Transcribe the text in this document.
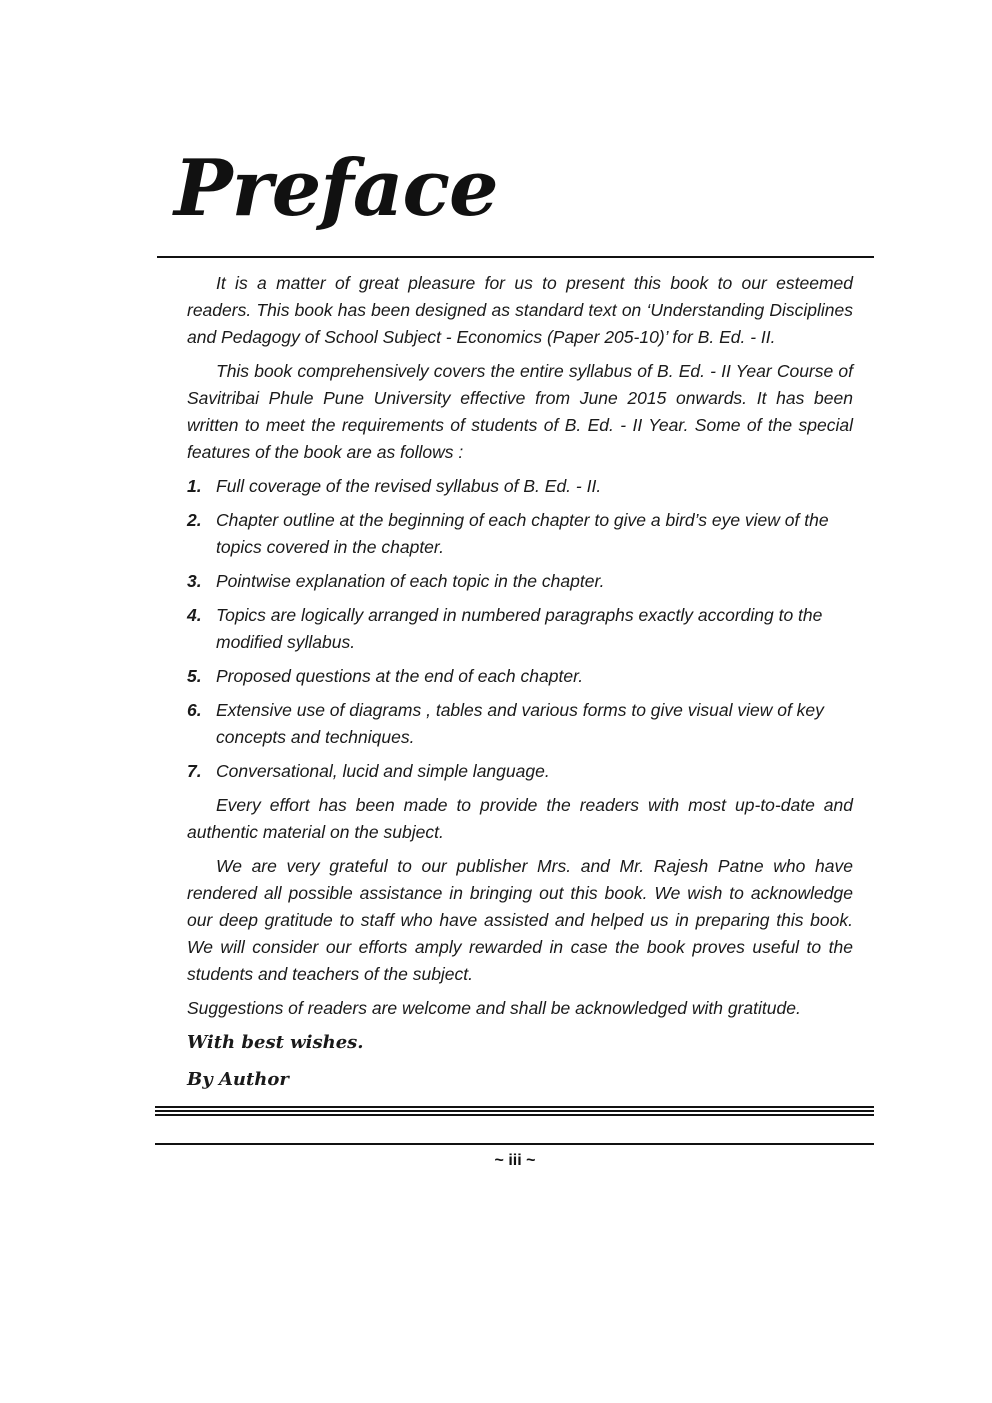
Preface

It is a matter of great pleasure for us to present this book to our esteemed readers. This book has been designed as standard text on ‘Understanding Disciplines and Pedagogy of School Subject - Economics (Paper 205-10)’ for B. Ed. - II.

This book comprehensively covers the entire syllabus of B. Ed. - II Year Course of Savitribai Phule Pune University effective from June 2015 onwards. It has been written to meet the requirements of students of B. Ed. - II Year. Some of the special features of the book are as follows :

1. Full coverage of the revised syllabus of B. Ed. - II.
2. Chapter outline at the beginning of each chapter to give a bird’s eye view of the topics covered in the chapter.
3. Pointwise explanation of each topic in the chapter.
4. Topics are logically arranged in numbered paragraphs exactly according to the modified syllabus.
5. Proposed questions at the end of each chapter.
6. Extensive use of diagrams , tables and various forms to give visual view of key concepts and techniques.
7. Conversational, lucid and simple language.

Every effort has been made to provide the readers with most up-to-date and authentic material on the subject.

We are very grateful to our publisher Mrs. and Mr. Rajesh Patne who have rendered all possible assistance in bringing out this book. We wish to acknowledge our deep gratitude to staff who have assisted and helped us in preparing this book. We will consider our efforts amply rewarded in case the book proves useful to the students and teachers of the subject.

Suggestions of readers are welcome and shall be acknowledged with gratitude.

With best wishes.
By Author
~ iii ~
